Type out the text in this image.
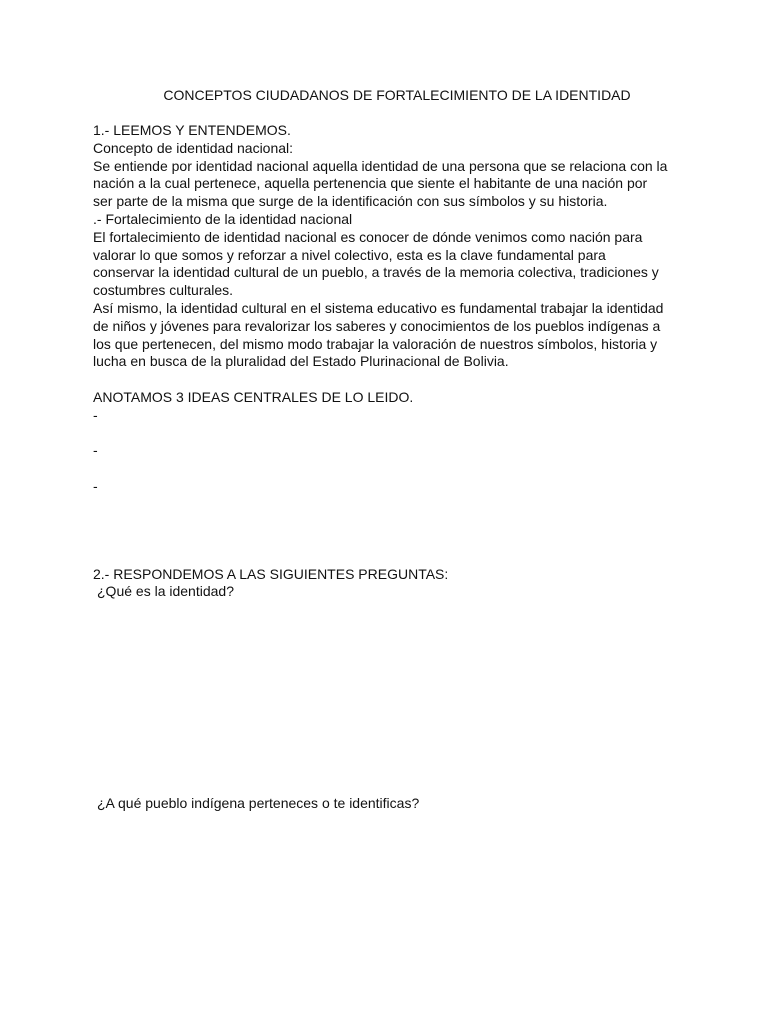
CONCEPTOS CIUDADANOS DE FORTALECIMIENTO DE LA IDENTIDAD
1.- LEEMOS Y ENTENDEMOS.
Concepto de identidad nacional:
Se entiende por identidad nacional aquella identidad de una persona que se relaciona con la
nación a la cual pertenece, aquella pertenencia que siente el habitante de una nación por
ser parte de la misma que surge de la identificación con sus símbolos y su historia.
.- Fortalecimiento de la identidad nacional
El fortalecimiento de identidad nacional es conocer de dónde venimos como nación para
valorar lo que somos y reforzar a nivel colectivo, esta es la clave fundamental para
conservar la identidad cultural de un pueblo, a través de la memoria colectiva, tradiciones y
costumbres culturales.
Así mismo, la identidad cultural en el sistema educativo es fundamental trabajar la identidad
de niños y jóvenes para revalorizar los saberes y conocimientos de los pueblos indígenas a
los que pertenecen, del mismo modo trabajar la valoración de nuestros símbolos, historia y
lucha en busca de la pluralidad del Estado Plurinacional de Bolivia.
ANOTAMOS 3 IDEAS CENTRALES DE LO LEIDO.
-
-
-
2.- RESPONDEMOS A LAS SIGUIENTES PREGUNTAS:
¿Qué es la identidad?
¿A qué pueblo indígena perteneces o te identificas?
